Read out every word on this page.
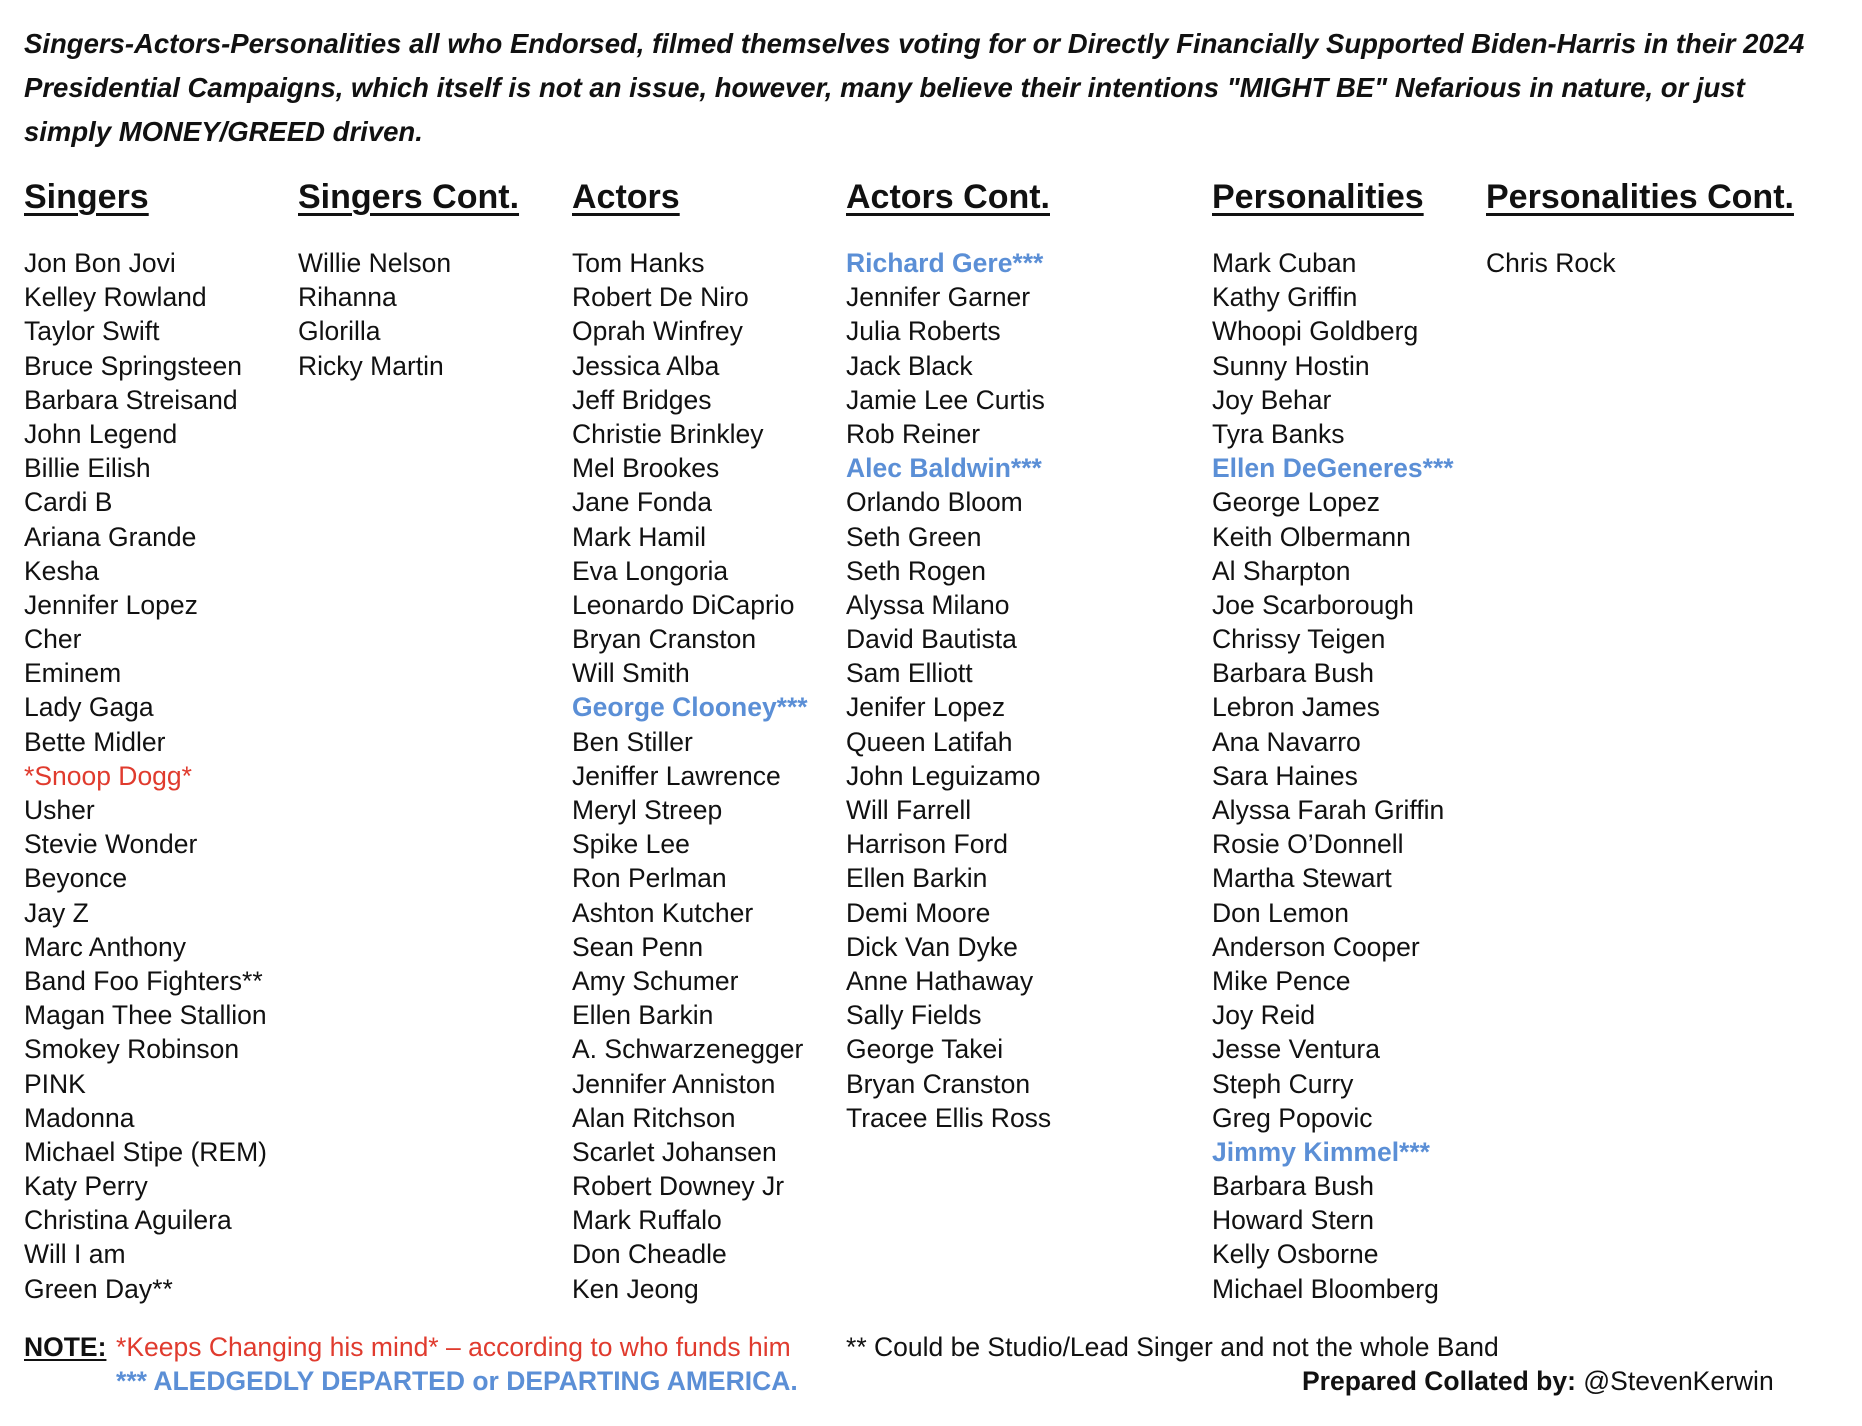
Singers-Actors-Personalities all who Endorsed, filmed themselves voting for or Directly Financially Supported Biden-Harris in their 2024 Presidential Campaigns, which itself is not an issue, however, many believe their intentions "MIGHT BE" Nefarious in nature, or just simply MONEY/GREED driven.

Singers
Jon Bon Jovi
Kelley Rowland
Taylor Swift
Bruce Springsteen
Barbara Streisand
John Legend
Billie Eilish
Cardi B
Ariana Grande
Kesha
Jennifer Lopez
Cher
Eminem
Lady Gaga
Bette Midler
*Snoop Dogg*
Usher
Stevie Wonder
Beyonce
Jay Z
Marc Anthony
Band Foo Fighters**
Magan Thee Stallion
Smokey Robinson
PINK
Madonna
Michael Stipe (REM)
Katy Perry
Christina Aguilera
Will I am
Green Day**
Singers Cont.
Willie Nelson
Rihanna
Glorilla
Ricky Martin
Actors
Tom Hanks
Robert De Niro
Oprah Winfrey
Jessica Alba
Jeff Bridges
Christie Brinkley
Mel Brookes
Jane Fonda
Mark Hamil
Eva Longoria
Leonardo DiCaprio
Bryan Cranston
Will Smith
George Clooney***
Ben Stiller
Jeniffer Lawrence
Meryl Streep
Spike Lee
Ron Perlman
Ashton Kutcher
Sean Penn
Amy Schumer
Ellen Barkin
A. Schwarzenegger
Jennifer Anniston
Alan Ritchson
Scarlet Johansen
Robert Downey Jr
Mark Ruffalo
Don Cheadle
Ken Jeong
Actors Cont.
Richard Gere***
Jennifer Garner
Julia Roberts
Jack Black
Jamie Lee Curtis
Rob Reiner
Alec Baldwin***
Orlando Bloom
Seth Green
Seth Rogen
Alyssa Milano
David Bautista
Sam Elliott
Jenifer Lopez
Queen Latifah
John Leguizamo
Will Farrell
Harrison Ford
Ellen Barkin
Demi Moore
Dick Van Dyke
Anne Hathaway
Sally Fields
George Takei
Bryan Cranston
Tracee Ellis Ross
Personalities
Mark Cuban
Kathy Griffin
Whoopi Goldberg
Sunny Hostin
Joy Behar
Tyra Banks
Ellen DeGeneres***
George Lopez
Keith Olbermann
Al Sharpton
Joe Scarborough
Chrissy Teigen
Barbara Bush
Lebron James
Ana Navarro
Sara Haines
Alyssa Farah Griffin
Rosie O’Donnell
Martha Stewart
Don Lemon
Anderson Cooper
Mike Pence
Joy Reid
Jesse Ventura
Steph Curry
Greg Popovic
Jimmy Kimmel***
Barbara Bush
Howard Stern
Kelly Osborne
Michael Bloomberg
Personalities Cont.
Chris Rock
NOTE: *Keeps Changing his mind* – according to who funds him
*** ALEDGEDLY DEPARTED or DEPARTING AMERICA.
** Could be Studio/Lead Singer and not the whole Band
Prepared Collated by: @StevenKerwin
